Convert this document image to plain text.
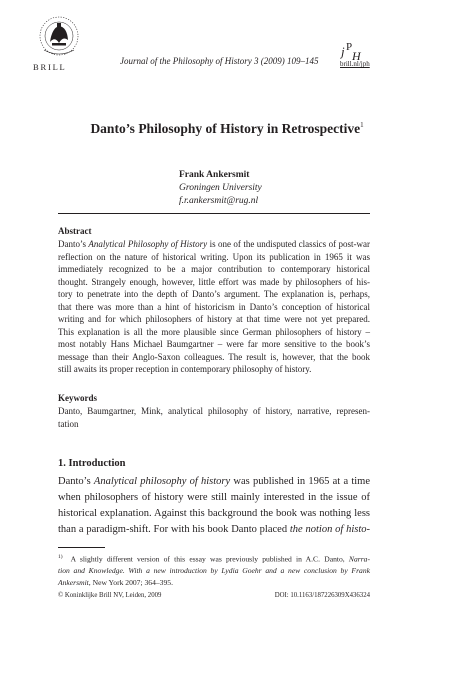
BRILL
Journal of the Philosophy of History 3 (2009) 109–145
j P
H
brill.nl/jph
Danto’s Philosophy of History in Retrospective$^1$
Frank Ankersmit
Groningen University
f.r.ankersmit@rug.nl
Abstract
Danto’s Analytical Philosophy of History is one of the undisputed classics of post-war
reflection on the nature of historical writing. Upon its publication in 1965 it was
immediately recognized to be a major contribution to contemporary historical
thought. Strangely enough, however, little effort was made by philosophers of his-
tory to penetrate into the depth of Danto’s argument. The explanation is, perhaps,
that there was more than a hint of historicism in Danto’s conception of historical
writing and for which philosophers of history at that time were not yet prepared.
This explanation is all the more plausible since German philosophers of history –
most notably Hans Michael Baumgartner – were far more sensitive to the book’s
message than their Anglo-Saxon colleagues. The result is, however, that the book
still awaits its proper reception in contemporary philosophy of history.
Keywords
Danto, Baumgartner, Mink, analytical philosophy of history, narrative, represen-
tation
1. Introduction
Danto’s Analytical philosophy of history was published in 1965 at a time
when philosophers of history were still mainly interested in the issue of
historical explanation. Against this background the book was nothing less
than a paradigm-shift. For with his book Danto placed the notion of histo-
$^{1)}$ A slightly different version of this essay was previously published in A.C. Danto, Narra-
tion and Knowledge. With a new introduction by Lydia Goehr and a new conclusion by Frank
Ankersmit, New York 2007; 364–395.
© Koninklijke Brill NV, Leiden, 2009	DOI: 10.1163/187226309X436324
